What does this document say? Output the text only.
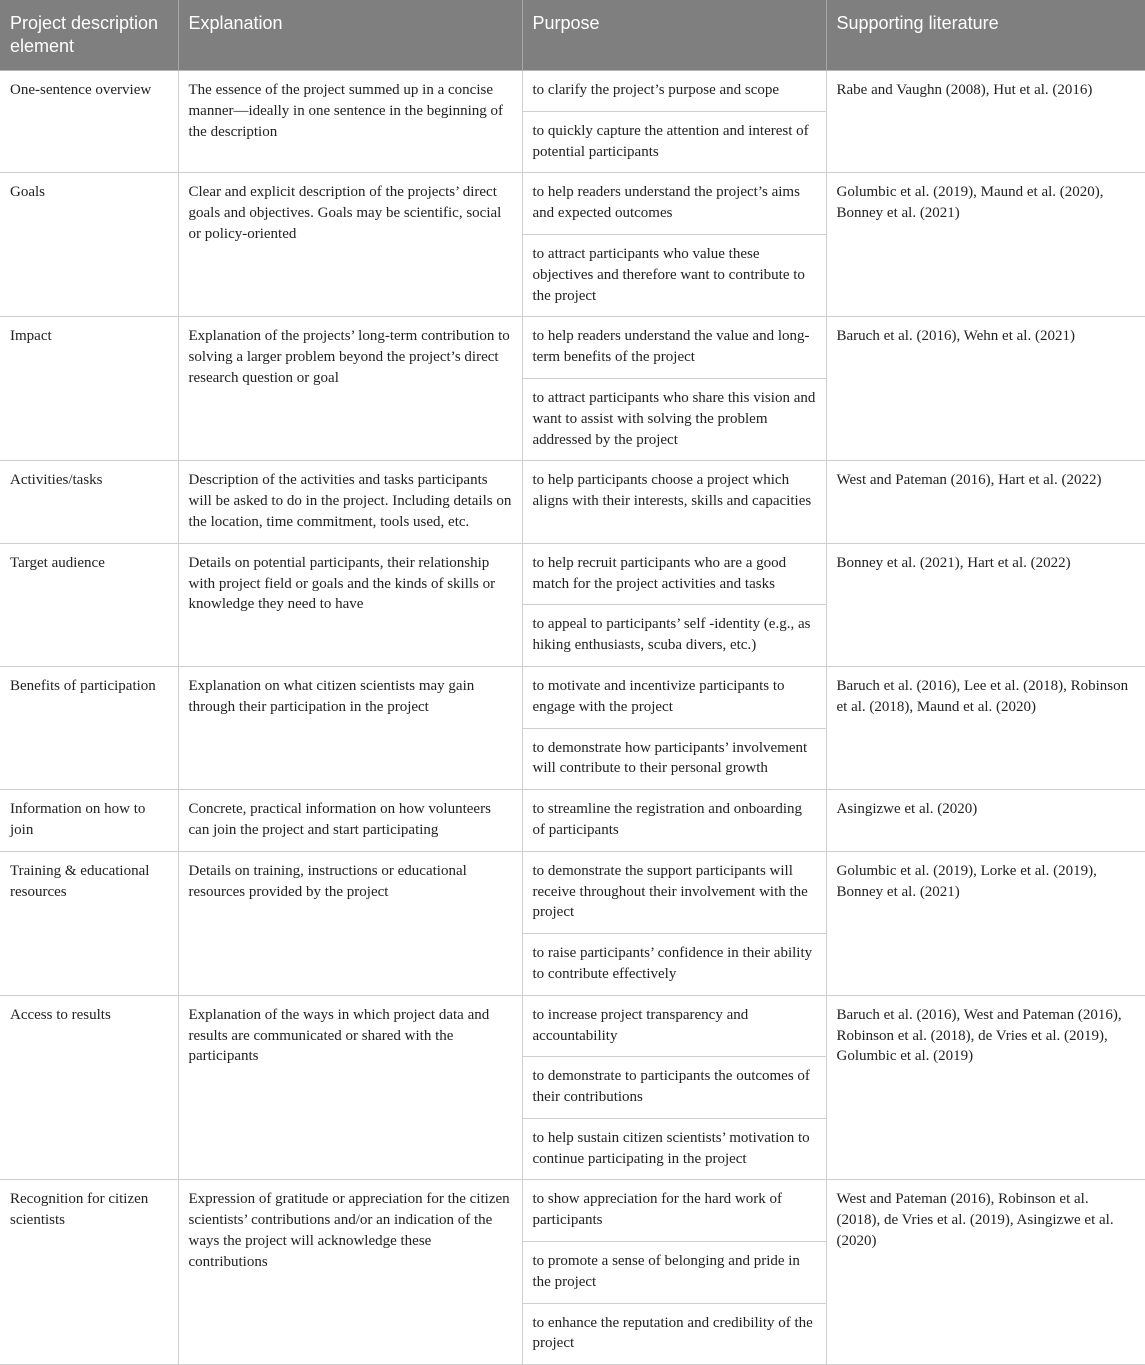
Project description element	Explanation	Purpose	Supporting literature
One-sentence overview	The essence of the project summed up in a concise manner—ideally in one sentence in the beginning of the description	to clarify the project’s purpose and scope	Rabe and Vaughn (2008), Hut et al. (2016)
		to quickly capture the attention and interest of potential participants	
Goals	Clear and explicit description of the projects’ direct goals and objectives. Goals may be scientific, social or policy-oriented	to help readers understand the project’s aims and expected outcomes	Golumbic et al. (2019), Maund et al. (2020), Bonney et al. (2021)
		to attract participants who value these objectives and therefore want to contribute to the project	
Impact	Explanation of the projects’ long-term contribution to solving a larger problem beyond the project’s direct research question or goal	to help readers understand the value and long-term benefits of the project	Baruch et al. (2016), Wehn et al. (2021)
		to attract participants who share this vision and want to assist with solving the problem addressed by the project	
Activities/tasks	Description of the activities and tasks participants will be asked to do in the project. Including details on the location, time commitment, tools used, etc.	to help participants choose a project which aligns with their interests, skills and capacities	West and Pateman (2016), Hart et al. (2022)
Target audience	Details on potential participants, their relationship with project field or goals and the kinds of skills or knowledge they need to have	to help recruit participants who are a good match for the project activities and tasks	Bonney et al. (2021), Hart et al. (2022)
		to appeal to participants’ self -identity (e.g., as hiking enthusiasts, scuba divers, etc.)	
Benefits of participation	Explanation on what citizen scientists may gain through their participation in the project	to motivate and incentivize participants to engage with the project	Baruch et al. (2016), Lee et al. (2018), Robinson et al. (2018), Maund et al. (2020)
		to demonstrate how participants’ involvement will contribute to their personal growth	
Information on how to join	Concrete, practical information on how volunteers can join the project and start participating	to streamline the registration and onboarding of participants	Asingizwe et al. (2020)
Training & educational resources	Details on training, instructions or educational resources provided by the project	to demonstrate the support participants will receive throughout their involvement with the project	Golumbic et al. (2019), Lorke et al. (2019), Bonney et al. (2021)
		to raise participants’ confidence in their ability to contribute effectively	
Access to results	Explanation of the ways in which project data and results are communicated or shared with the participants	to increase project transparency and accountability	Baruch et al. (2016), West and Pateman (2016), Robinson et al. (2018), de Vries et al. (2019), Golumbic et al. (2019)
		to demonstrate to participants the outcomes of their contributions	
		to help sustain citizen scientists’ motivation to continue participating in the project	
Recognition for citizen scientists	Expression of gratitude or appreciation for the citizen scientists’ contributions and/or an indication of the ways the project will acknowledge these contributions	to show appreciation for the hard work of participants	West and Pateman (2016), Robinson et al. (2018), de Vries et al. (2019), Asingizwe et al. (2020)
		to promote a sense of belonging and pride in the project	
		to enhance the reputation and credibility of the project	
